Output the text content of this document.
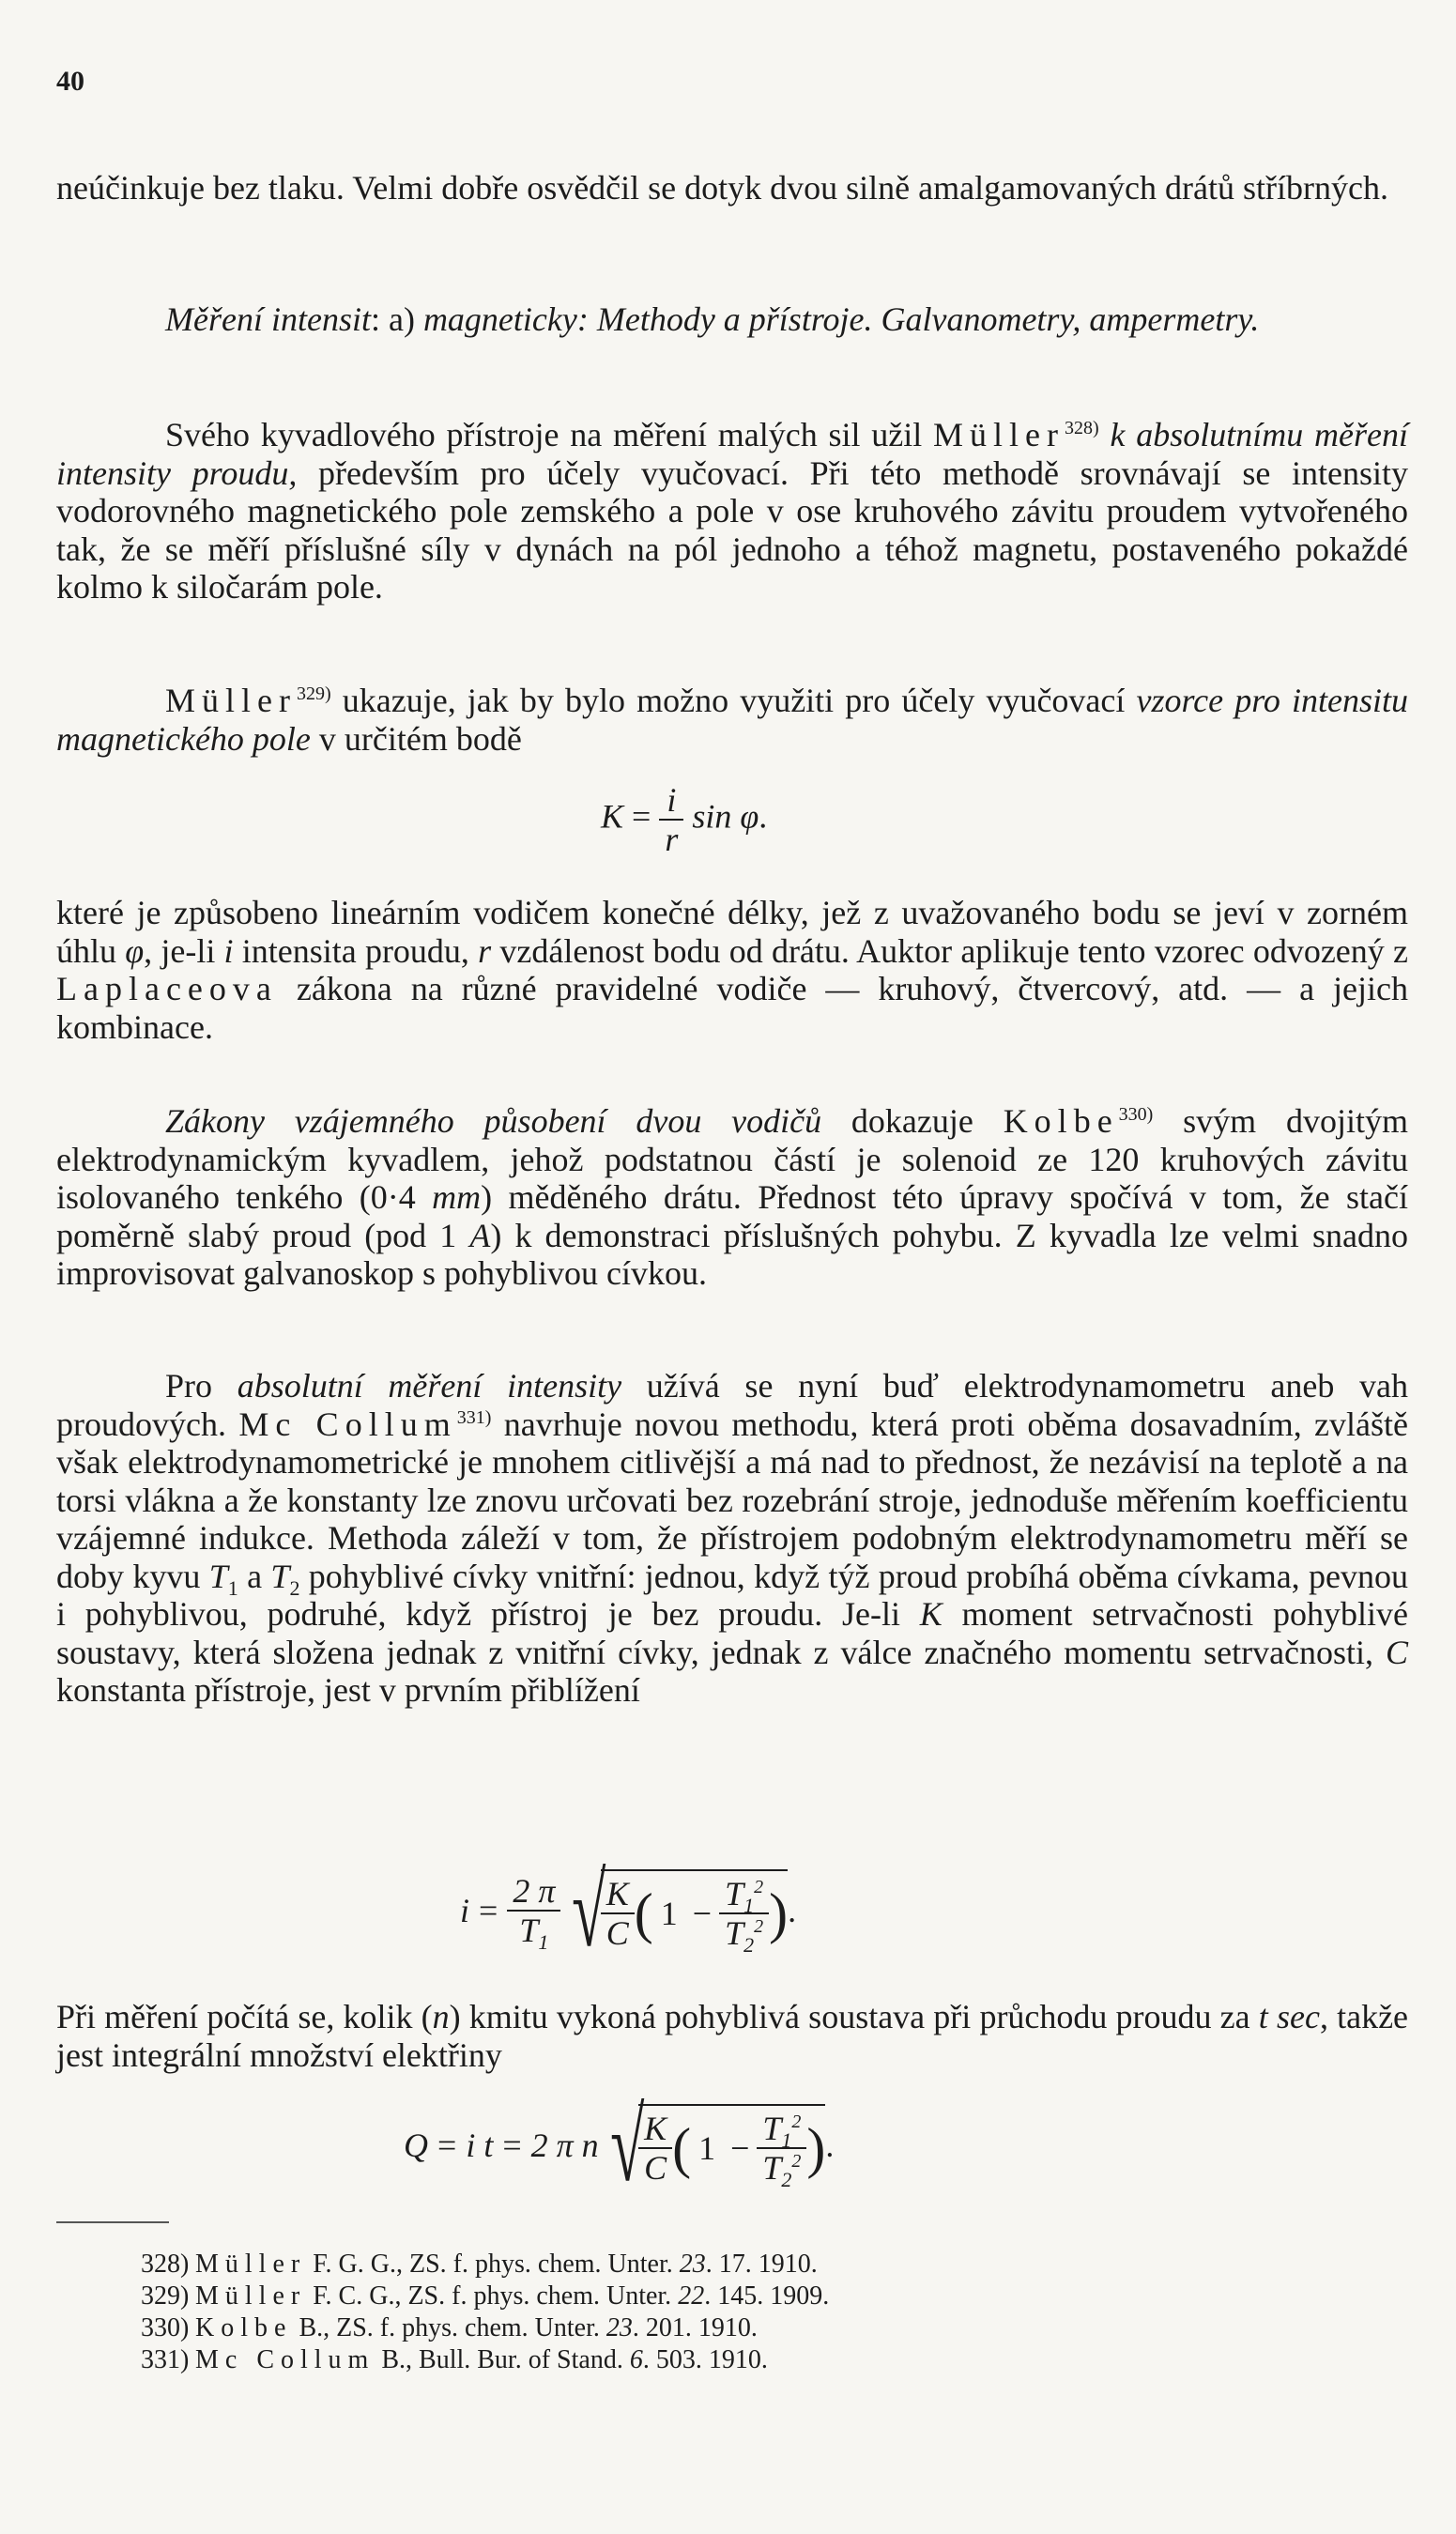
40
neúčinkuje bez tlaku. Velmi dobře osvědčil se dotyk dvou silně amalgamovaných drátů stříbrných.
Měření intensit: a) magneticky: Methody a přístroje. Galvanometry, ampermetry.
Svého kyvadlového přístroje na měření malých sil užil Müller$^{328)}$ k absolutnímu měření intensity proudu, především pro účely vyučovací. Při této methodě srovnávají se intensity vodorovného magnetického pole zemského a pole v ose kruhového závitu proudem vytvořeného tak, že se měří příslušné síly v dynách na pól jednoho a téhož magnetu, postaveného pokaždé kolmo k siločarám pole.
Müller$^{329)}$ ukazuje, jak by bylo možno využiti pro účely vyučovací vzorce pro intensitu magnetického pole v určitém bodě
$K = \frac{i}{r}$ sin φ.
které je způsobeno lineárním vodičem konečné délky, jež z uvažovaného bodu se jeví v zorném úhlu φ, je-li i intensita proudu, r vzdálenost bodu od drátu. Auktor aplikuje tento vzorec odvozený z Laplaceova zákona na různé pravidelné vodiče — kruhový, čtvercový, atd. — a jejich kombinace.
Zákony vzájemného působení dvou vodičů dokazuje Kolbe$^{330)}$ svým dvojitým elektrodynamickým kyvadlem, jehož podstatnou částí je solenoid ze 120 kruhových závitu isolovaného tenkého (0·4 mm) měděného drátu. Přednost této úpravy spočívá v tom, že stačí poměrně slabý proud (pod 1 A) k demonstraci příslušných pohybu. Z kyvadla lze velmi snadno improvisovat galvanoskop s pohyblivou cívkou.
Pro absolutní měření intensity užívá se nyní buď elektrodynamometru aneb vah proudových. Mc Collum$^{331)}$ navrhuje novou methodu, která proti oběma dosavadním, zvláště však elektrodynamometrické je mnohem citlivější a má nad to přednost, že nezávisí na teplotě a na torsi vlákna a že konstanty lze znovu určovati bez rozebrání stroje, jednoduše měřením koefficientu vzájemné indukce. Methoda záleží v tom, že přístrojem podobným elektrodynamometru měří se doby kyvu $T_1$ a $T_2$ pohyblivé cívky vnitřní: jednou, když týž proud probíhá oběma cívkama, pevnou i pohyblivou, podruhé, když přístroj je bez proudu. Je-li K moment setrvačnosti pohyblivé soustavy, která složena jednak z vnitřní cívky, jednak z válce značného momentu setrvačnosti, C konstanta přístroje, jest v prvním přiblížení
$i = \frac{2 \pi}{T_1}$ √
$\frac{K}{C}$ ( $1 - \frac{T_1^2}{T_2^2}$ ) .
Při měření počítá se, kolik (n) kmitu vykoná pohyblivá soustava při průchodu proudu za t sec, takže jest integrální množství elektřiny
Q = i t = 2 π n √
$\frac{K}{C}$ ( $1 - \frac{T_1^2}{T_2^2}$ ) .
328) Müller F. G. G., ZS. f. phys. chem. Unter. 23. 17. 1910.
329) Müller F. C. G., ZS. f. phys. chem. Unter. 22. 145. 1909.
330) Kolbe B., ZS. f. phys. chem. Unter. 23. 201. 1910.
331) Mc Collum B., Bull. Bur. of Stand. 6. 503. 1910.
